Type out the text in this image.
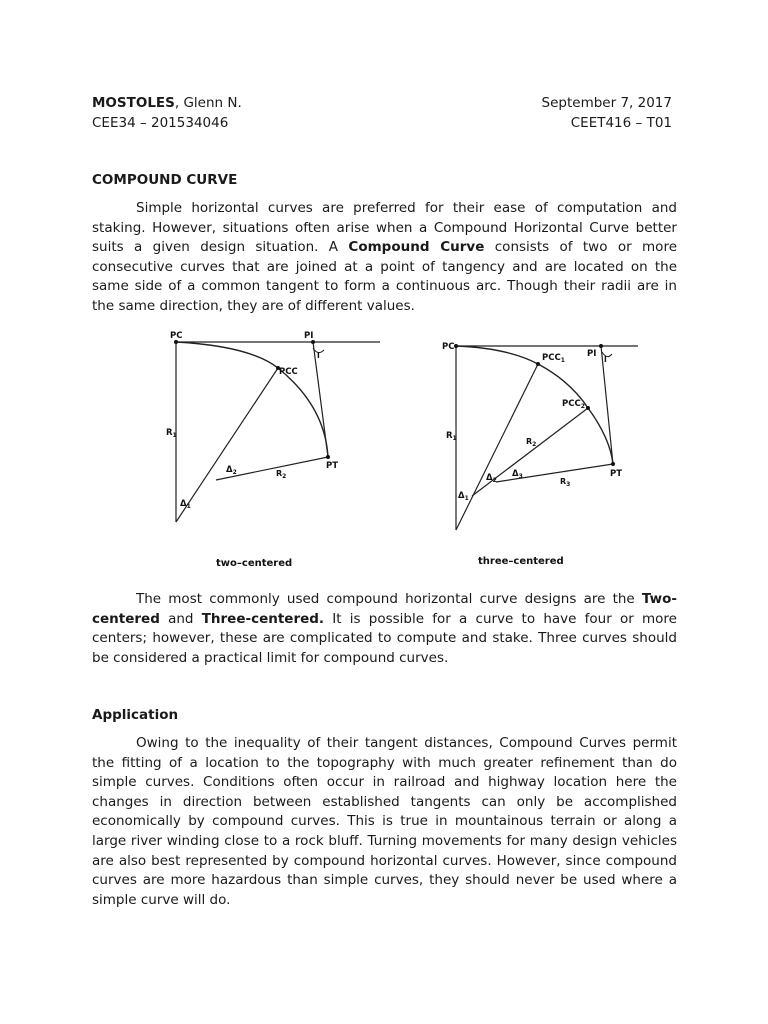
MOSTOLES, Glenn N.
CEE34 – 201534046
September 7, 2017
CEET416 – T01
COMPOUND CURVE
Simple horizontal curves are preferred for their ease of computation and staking. However, situations often arise when a Compound Horizontal Curve better suits a given design situation. A Compound Curve consists of two or more consecutive curves that are joined at a point of tangency and are located on the same side of a common tangent to form a continuous arc. Though their radii are in the same direction, they are of different values.
PC	PI
I
PCC
PT
$R_1$
$R_2$
$\Delta_2$
$\Delta_1$
two–centered
PC
PI
I
$PCC_1$
$PCC_2$
PT
$R_1$	$R_2$
$R_3$
$\Delta_2$
$\Delta_3$
$\Delta_1$
three–centered
The most commonly used compound horizontal curve designs are the Two-centered and Three-centered. It is possible for a curve to have four or more centers; however, these are complicated to compute and stake. Three curves should be considered a practical limit for compound curves.
Application
Owing to the inequality of their tangent distances, Compound Curves permit the fitting of a location to the topography with much greater refinement than do simple curves. Conditions often occur in railroad and highway location here the changes in direction between established tangents can only be accomplished economically by compound curves. This is true in mountainous terrain or along a large river winding close to a rock bluff. Turning movements for many design vehicles are also best represented by compound horizontal curves. However, since compound curves are more hazardous than simple curves, they should never be used where a simple curve will do.
